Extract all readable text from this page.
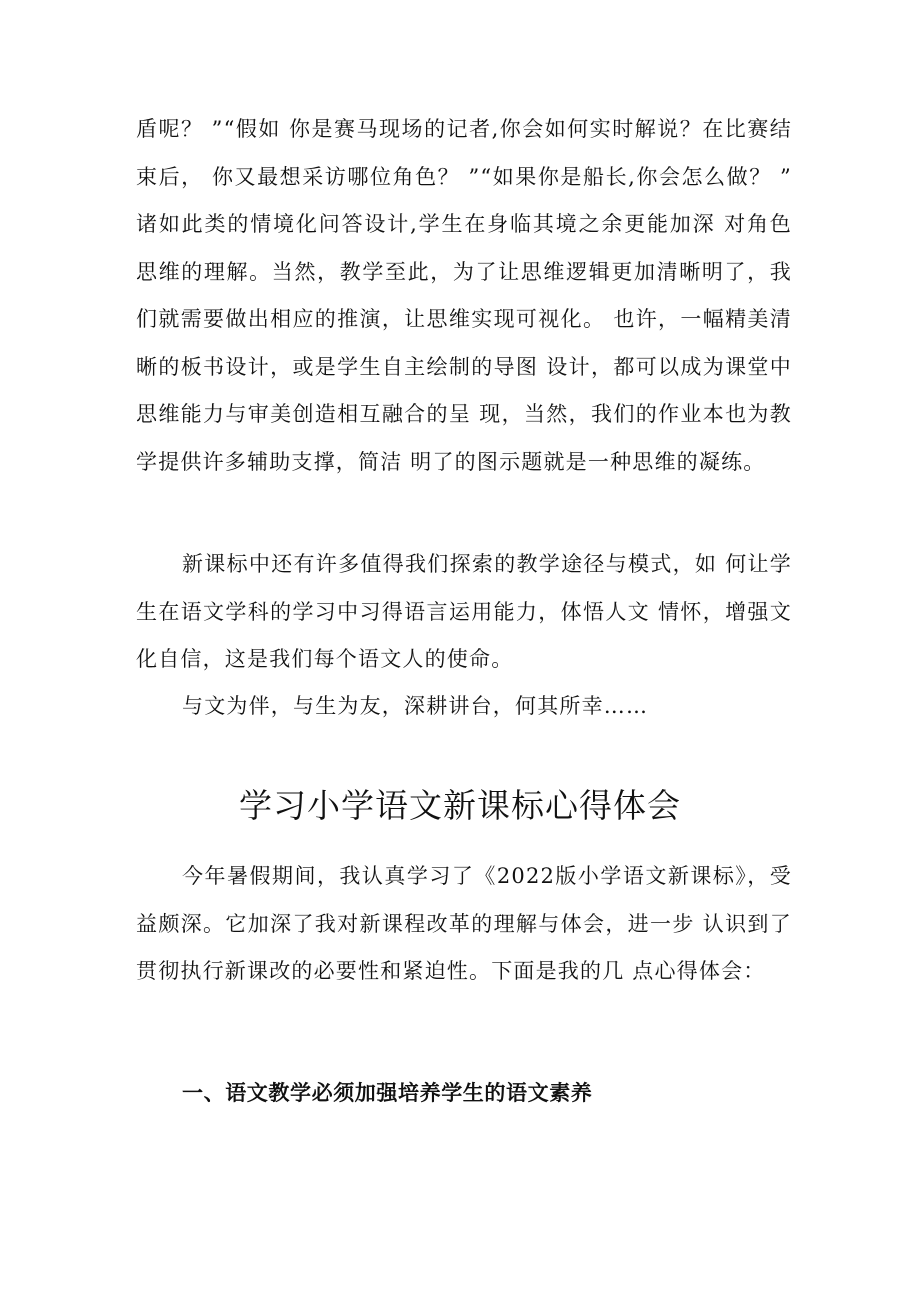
盾呢？ ”“假如 你是赛马现场的记者,你会如何实时解说？在比赛结束后， 你又最想采访哪位角色？ ”“如果你是船长,你会怎么做？ ” 诸如此类的情境化问答设计,学生在身临其境之余更能加深 对角色思维的理解。当然，教学至此，为了让思维逻辑更加清晰明了，我们就需要做出相应的推演，让思维实现可视化。 也许，一幅精美清晰的板书设计，或是学生自主绘制的导图 设计，都可以成为课堂中思维能力与审美创造相互融合的呈 现，当然，我们的作业本也为教学提供许多辅助支撑，简洁 明了的图示题就是一种思维的凝练。

新课标中还有许多值得我们探索的教学途径与模式，如 何让学生在语文学科的学习中习得语言运用能力，体悟人文 情怀，增强文化自信，这是我们每个语文人的使命。

与文为伴，与生为友，深耕讲台，何其所幸……

学习小学语文新课标心得体会

今年暑假期间，我认真学习了《2022版小学语文新课标》，受益颇深。它加深了我对新课程改革的理解与体会，进一步 认识到了贯彻执行新课改的必要性和紧迫性。下面是我的几 点心得体会：

一、语文教学必须加强培养学生的语文素养
